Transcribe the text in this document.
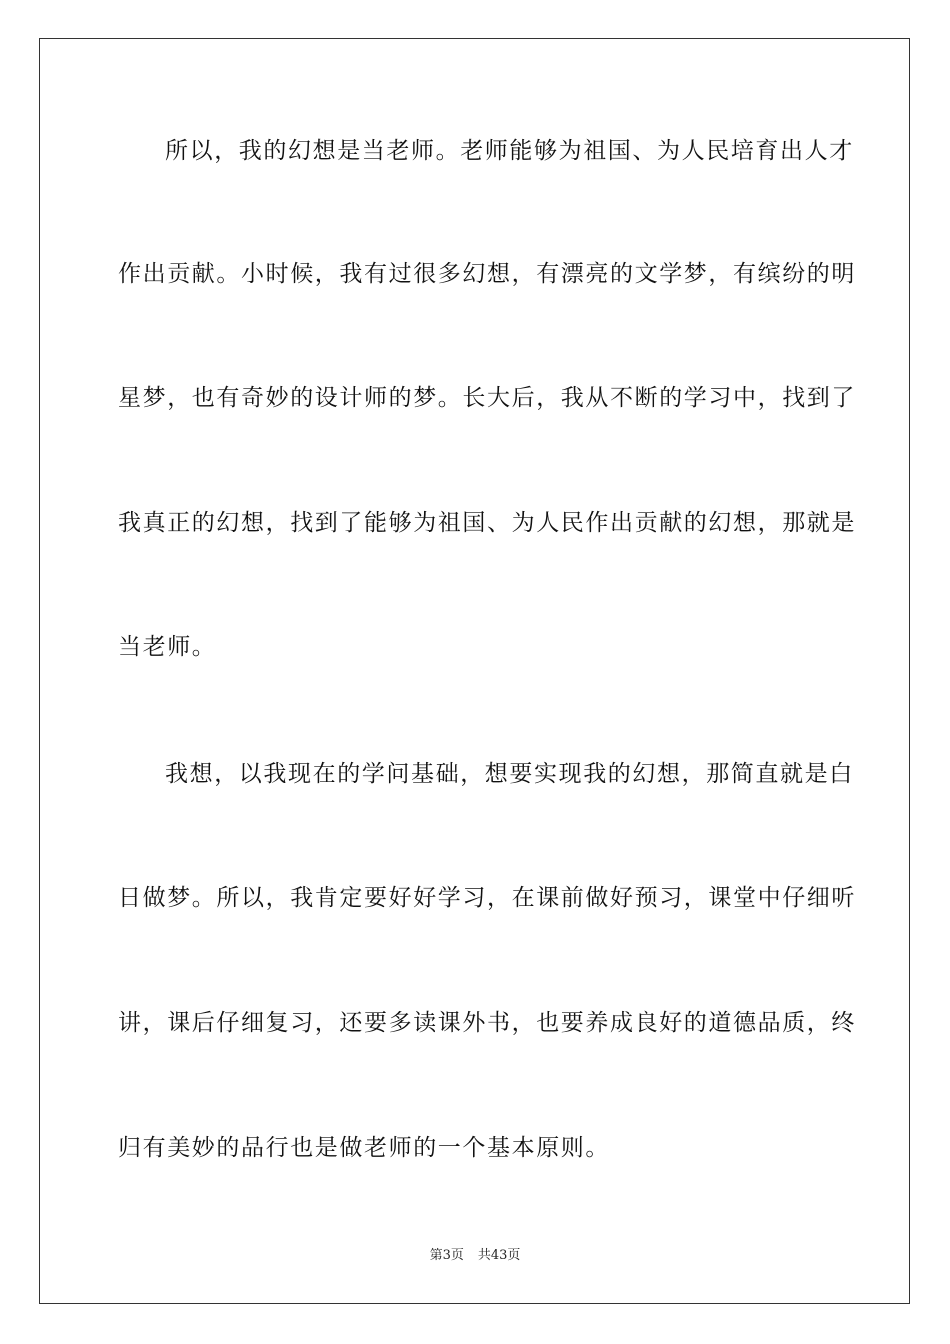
所以，我的幻想是当老师。老师能够为祖国、为人民培育出人才
作出贡献。小时候，我有过很多幻想，有漂亮的文学梦，有缤纷的明
星梦，也有奇妙的设计师的梦。长大后，我从不断的学习中，找到了
我真正的幻想，找到了能够为祖国、为人民作出贡献的幻想，那就是
当老师。
我想，以我现在的学问基础，想要实现我的幻想，那简直就是白
日做梦。所以，我肯定要好好学习，在课前做好预习，课堂中仔细听
讲，课后仔细复习，还要多读课外书，也要养成良好的道德品质，终
归有美妙的品行也是做老师的一个基本原则。
第3页 共43页
